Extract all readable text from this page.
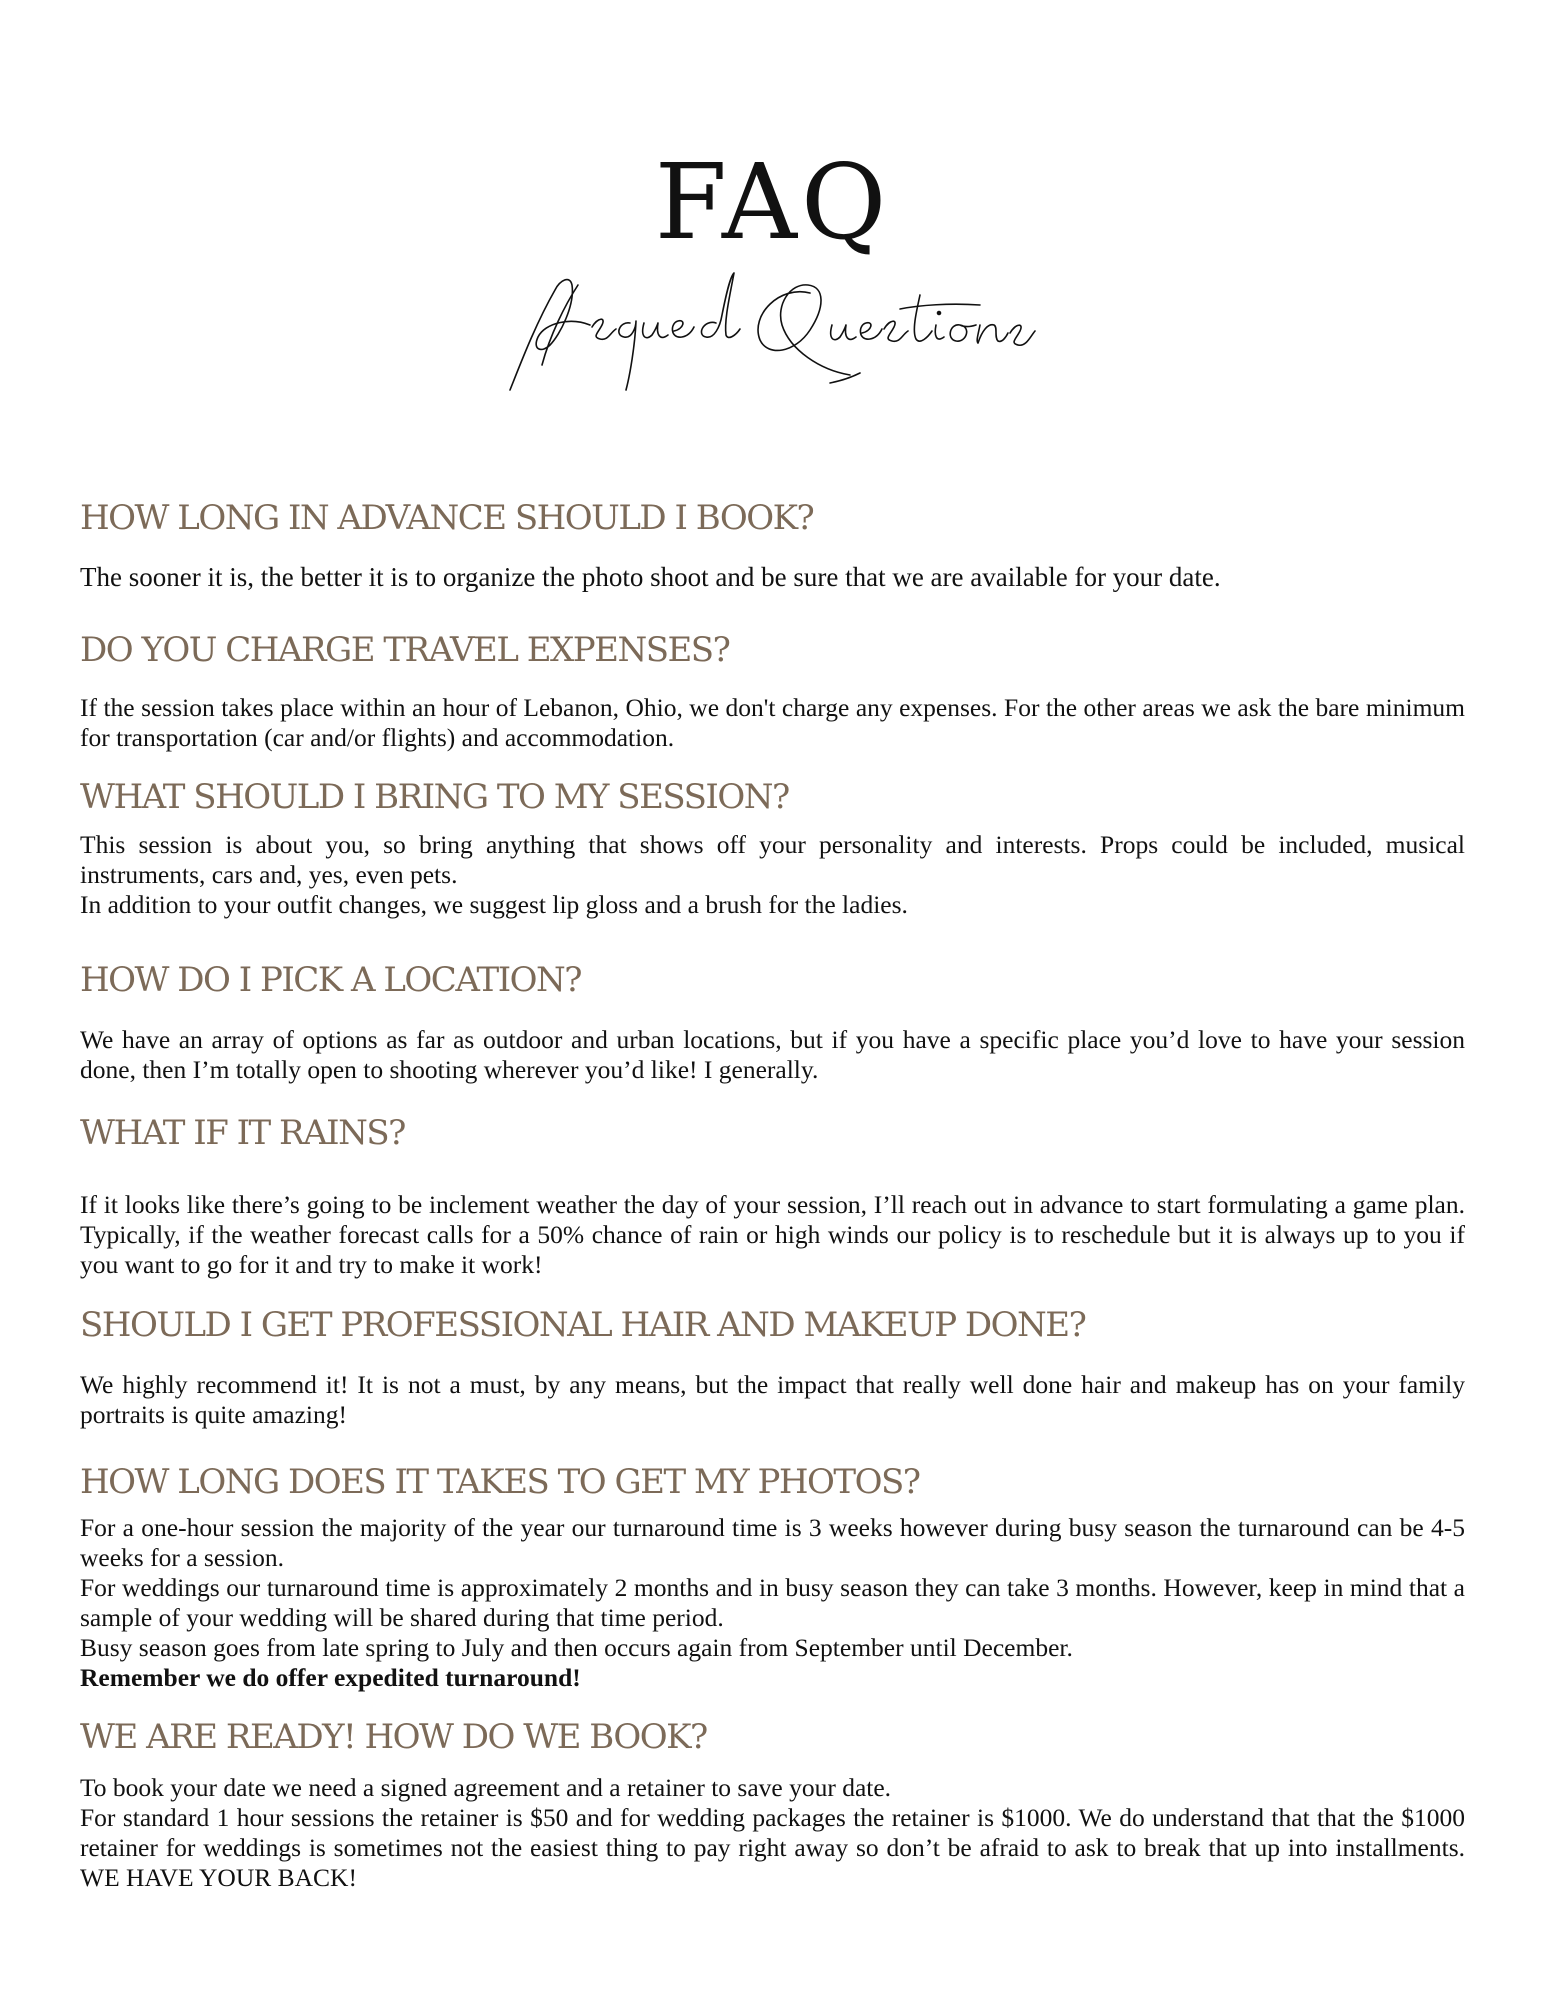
FAQ
HOW LONG IN ADVANCE SHOULD I BOOK?

The sooner it is, the better it is to organize the photo shoot and be sure that we are available for your date.

DO YOU CHARGE TRAVEL EXPENSES?

If the session takes place within an hour of Lebanon, Ohio, we don't charge any expenses. For the other areas we ask the bare minimum for transportation (car and/or flights) and accommodation.

WHAT SHOULD I BRING TO MY SESSION?

This session is about you, so bring anything that shows off your personality and interests. Props could be included, musical instruments, cars and, yes, even pets.

In addition to your outfit changes, we suggest lip gloss and a brush for the ladies.

HOW DO I PICK A LOCATION?

We have an array of options as far as outdoor and urban locations, but if you have a specific place you’d love to have your session done, then I’m totally open to shooting wherever you’d like! I generally.

WHAT IF IT RAINS?

If it looks like there’s going to be inclement weather the day of your session, I’ll reach out in advance to start formulating a game plan. Typically, if the weather forecast calls for a 50% chance of rain or high winds our policy is to reschedule but it is always up to you if you want to go for it and try to make it work!

SHOULD I GET PROFESSIONAL HAIR AND MAKEUP DONE?

We highly recommend it! It is not a must, by any means, but the impact that really well done hair and makeup has on your family portraits is quite amazing!

HOW LONG DOES IT TAKES TO GET MY PHOTOS?

For a one-hour session the majority of the year our turnaround time is 3 weeks however during busy season the turnaround can be 4-5 weeks for a session.

For weddings our turnaround time is approximately 2 months and in busy season they can take 3 months. However, keep in mind that a sample of your wedding will be shared during that time period.

Busy season goes from late spring to July and then occurs again from September until December.

Remember we do offer expedited turnaround!

WE ARE READY! HOW DO WE BOOK?

To book your date we need a signed agreement and a retainer to save your date.

For standard 1 hour sessions the retainer is $50 and for wedding packages the retainer is $1000. We do understand that that the $1000 retainer for weddings is sometimes not the easiest thing to pay right away so don’t be afraid to ask to break that up into installments. WE HAVE YOUR BACK!
